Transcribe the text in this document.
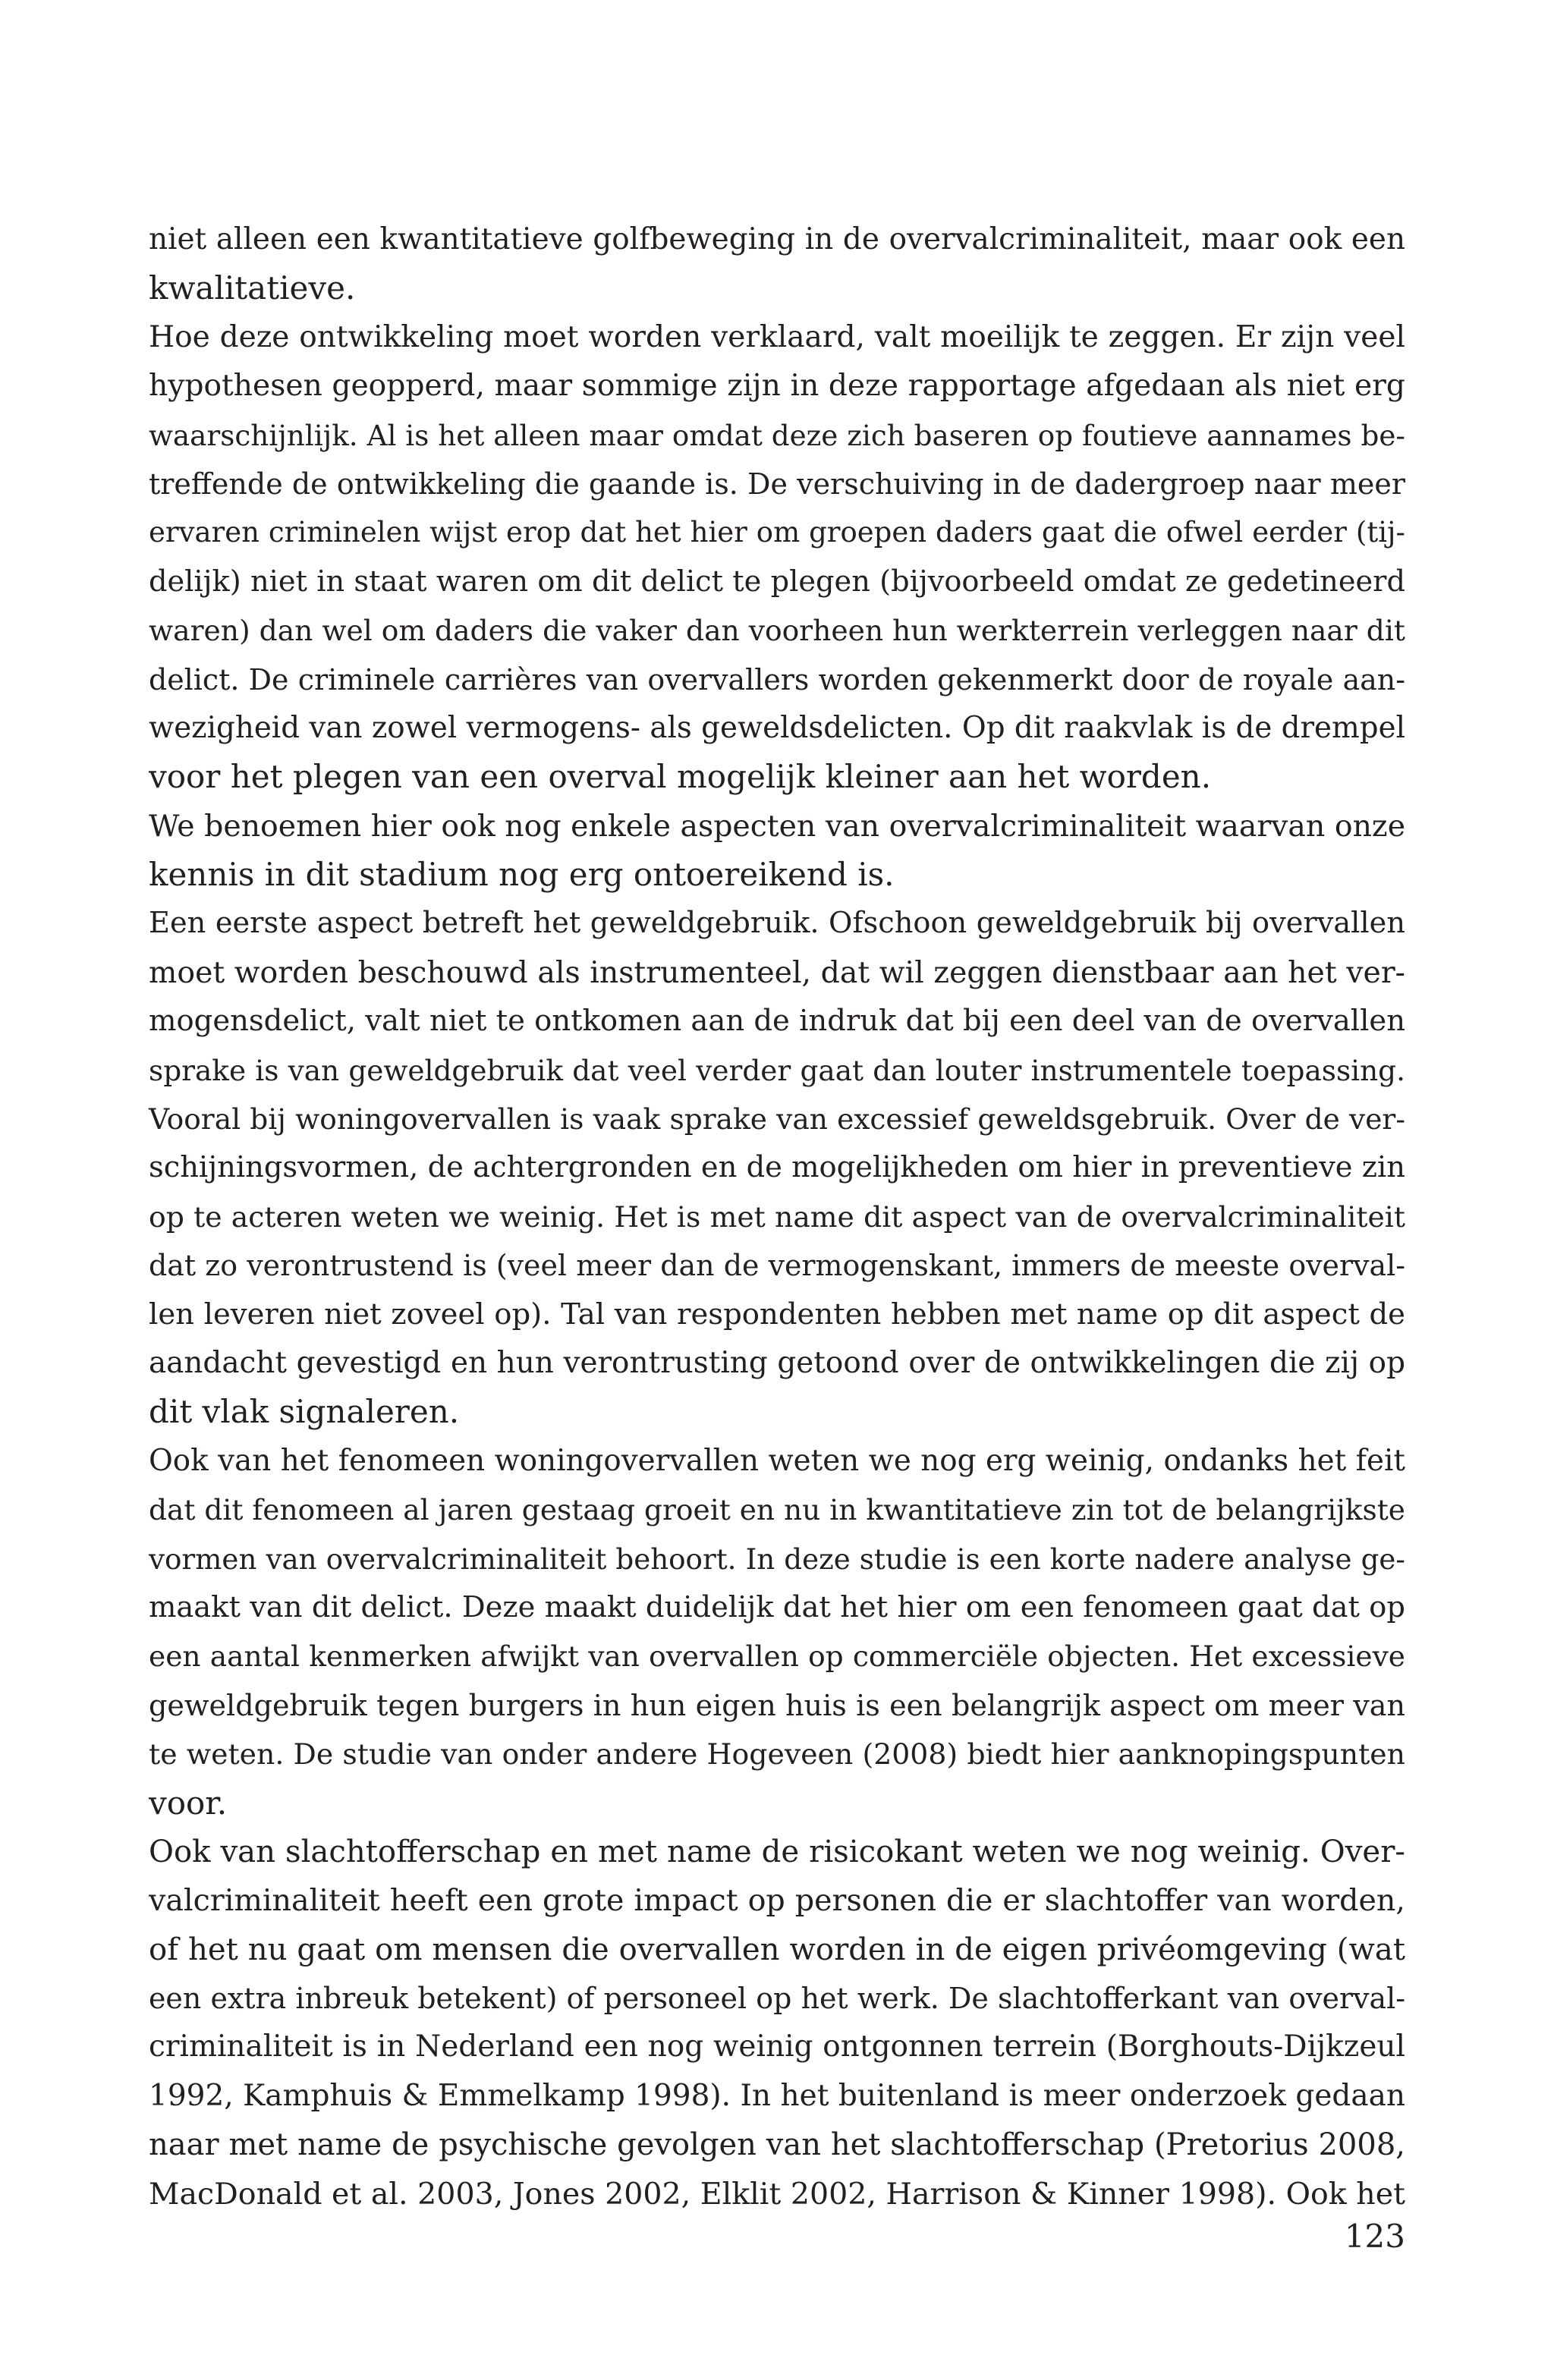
niet alleen een kwantitatieve golfbeweging in de overvalcriminaliteit, maar ook een
kwalitatieve.
Hoe deze ontwikkeling moet worden verklaard, valt moeilijk te zeggen. Er zijn veel
hypothesen geopperd, maar sommige zijn in deze rapportage afgedaan als niet erg
waarschijnlijk. Al is het alleen maar omdat deze zich baseren op foutieve aannames be-
treffende de ontwikkeling die gaande is. De verschuiving in de dadergroep naar meer
ervaren criminelen wijst erop dat het hier om groepen daders gaat die ofwel eerder (tij-
delijk) niet in staat waren om dit delict te plegen (bijvoorbeeld omdat ze gedetineerd
waren) dan wel om daders die vaker dan voorheen hun werkterrein verleggen naar dit
delict. De criminele carrières van overvallers worden gekenmerkt door de royale aan-
wezigheid van zowel vermogens- als geweldsdelicten. Op dit raakvlak is de drempel
voor het plegen van een overval mogelijk kleiner aan het worden.
We benoemen hier ook nog enkele aspecten van overvalcriminaliteit waarvan onze
kennis in dit stadium nog erg ontoereikend is.
Een eerste aspect betreft het geweldgebruik. Ofschoon geweldgebruik bij overvallen
moet worden beschouwd als instrumenteel, dat wil zeggen dienstbaar aan het ver-
mogensdelict, valt niet te ontkomen aan de indruk dat bij een deel van de overvallen
sprake is van geweldgebruik dat veel verder gaat dan louter instrumentele toepassing.
Vooral bij woningovervallen is vaak sprake van excessief geweldsgebruik. Over de ver-
schijningsvormen, de achtergronden en de mogelijkheden om hier in preventieve zin
op te acteren weten we weinig. Het is met name dit aspect van de overvalcriminaliteit
dat zo verontrustend is (veel meer dan de vermogenskant, immers de meeste overval-
len leveren niet zoveel op). Tal van respondenten hebben met name op dit aspect de
aandacht gevestigd en hun verontrusting getoond over de ontwikkelingen die zij op
dit vlak signaleren.
Ook van het fenomeen woningovervallen weten we nog erg weinig, ondanks het feit
dat dit fenomeen al jaren gestaag groeit en nu in kwantitatieve zin tot de belangrijkste
vormen van overvalcriminaliteit behoort. In deze studie is een korte nadere analyse ge-
maakt van dit delict. Deze maakt duidelijk dat het hier om een fenomeen gaat dat op
een aantal kenmerken afwijkt van overvallen op commerciële objecten. Het excessieve
geweldgebruik tegen burgers in hun eigen huis is een belangrijk aspect om meer van
te weten. De studie van onder andere Hogeveen (2008) biedt hier aanknopingspunten
voor.
Ook van slachtofferschap en met name de risicokant weten we nog weinig. Over-
valcriminaliteit heeft een grote impact op personen die er slachtoffer van worden,
of het nu gaat om mensen die overvallen worden in de eigen privéomgeving (wat
een extra inbreuk betekent) of personeel op het werk. De slachtofferkant van overval-
criminaliteit is in Nederland een nog weinig ontgonnen terrein (Borghouts-Dijkzeul
1992, Kamphuis & Emmelkamp 1998). In het buitenland is meer onderzoek gedaan
naar met name de psychische gevolgen van het slachtofferschap (Pretorius 2008,
MacDonald et al. 2003, Jones 2002, Elklit 2002, Harrison & Kinner 1998). Ook het
123
